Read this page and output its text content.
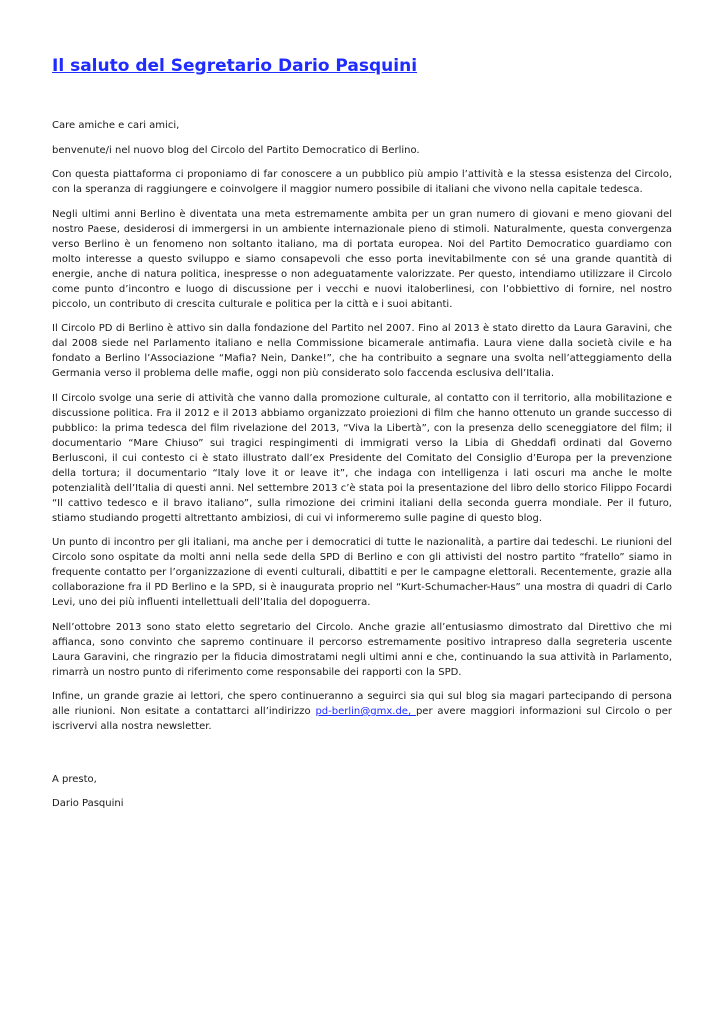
Il saluto del Segretario Dario Pasquini

Care amiche e cari amici,

benvenute/i nel nuovo blog del Circolo del Partito Democratico di Berlino.

Con questa piattaforma ci proponiamo di far conoscere a un pubblico più ampio l’attività e la stessa esistenza del Circolo, con la speranza di raggiungere e coinvolgere il maggior numero possibile di italiani che vivono nella capitale tedesca.

Negli ultimi anni Berlino è diventata una meta estremamente ambita per un gran numero di giovani e meno giovani del nostro Paese, desiderosi di immergersi in un ambiente internazionale pieno di stimoli. Naturalmente, questa convergenza verso Berlino è un fenomeno non soltanto italiano, ma di portata europea. Noi del Partito Democratico guardiamo con molto interesse a questo sviluppo e siamo consapevoli che esso porta inevitabilmente con sé una grande quantità di energie, anche di natura politica, inespresse o non adeguatamente valorizzate. Per questo, intendiamo utilizzare il Circolo come punto d’incontro e luogo di discussione per i vecchi e nuovi italoberlinesi, con l’obbiettivo di fornire, nel nostro piccolo, un contributo di crescita culturale e politica per la città e i suoi abitanti.

Il Circolo PD di Berlino è attivo sin dalla fondazione del Partito nel 2007. Fino al 2013 è stato diretto da Laura Garavini, che dal 2008 siede nel Parlamento italiano e nella Commissione bicamerale antimafia. Laura viene dalla società civile e ha fondato a Berlino l’Associazione “Mafia? Nein, Danke!”, che ha contribuito a segnare una svolta nell’atteggiamento della Germania verso il problema delle mafie, oggi non più considerato solo faccenda esclusiva dell’Italia.

Il Circolo svolge una serie di attività che vanno dalla promozione culturale, al contatto con il territorio, alla mobilitazione e discussione politica. Fra il 2012 e il 2013 abbiamo organizzato proiezioni di film che hanno ottenuto un grande successo di pubblico: la prima tedesca del film rivelazione del 2013, “Viva la Libertà”, con la presenza dello sceneggiatore del film; il documentario “Mare Chiuso” sui tragici respingimenti di immigrati verso la Libia di Gheddafi ordinati dal Governo Berlusconi, il cui contesto ci è stato illustrato dall’ex Presidente del Comitato del Consiglio d’Europa per la prevenzione della tortura; il documentario “Italy love it or leave it”, che indaga con intelligenza i lati oscuri ma anche le molte potenzialità dell’Italia di questi anni. Nel settembre 2013 c’è stata poi la presentazione del libro dello storico Filippo Focardi “Il cattivo tedesco e il bravo italiano”, sulla rimozione dei crimini italiani della seconda guerra mondiale. Per il futuro, stiamo studiando progetti altrettanto ambiziosi, di cui vi informeremo sulle pagine di questo blog.

Un punto di incontro per gli italiani, ma anche per i democratici di tutte le nazionalità, a partire dai tedeschi. Le riunioni del Circolo sono ospitate da molti anni nella sede della SPD di Berlino e con gli attivisti del nostro partito “fratello” siamo in frequente contatto per l’organizzazione di eventi culturali, dibattiti e per le campagne elettorali. Recentemente, grazie alla collaborazione fra il PD Berlino e la SPD, si è inaugurata proprio nel “Kurt-Schumacher-Haus” una mostra di quadri di Carlo Levi, uno dei più influenti intellettuali dell’Italia del dopoguerra.

Nell’ottobre 2013 sono stato eletto segretario del Circolo. Anche grazie all’entusiasmo dimostrato dal Direttivo che mi affianca, sono convinto che sapremo continuare il percorso estremamente positivo intrapreso dalla segreteria uscente Laura Garavini, che ringrazio per la fiducia dimostratami negli ultimi anni e che, continuando la sua attività in Parlamento, rimarrà un nostro punto di riferimento come responsabile dei rapporti con la SPD.

Infine, un grande grazie ai lettori, che spero continueranno a seguirci sia qui sul blog sia magari partecipando di persona alle riunioni. Non esitate a contattarci all’indirizzo pd-berlin@gmx.de, per avere maggiori informazioni sul Circolo o per iscrivervi alla nostra newsletter.

A presto,

Dario Pasquini
